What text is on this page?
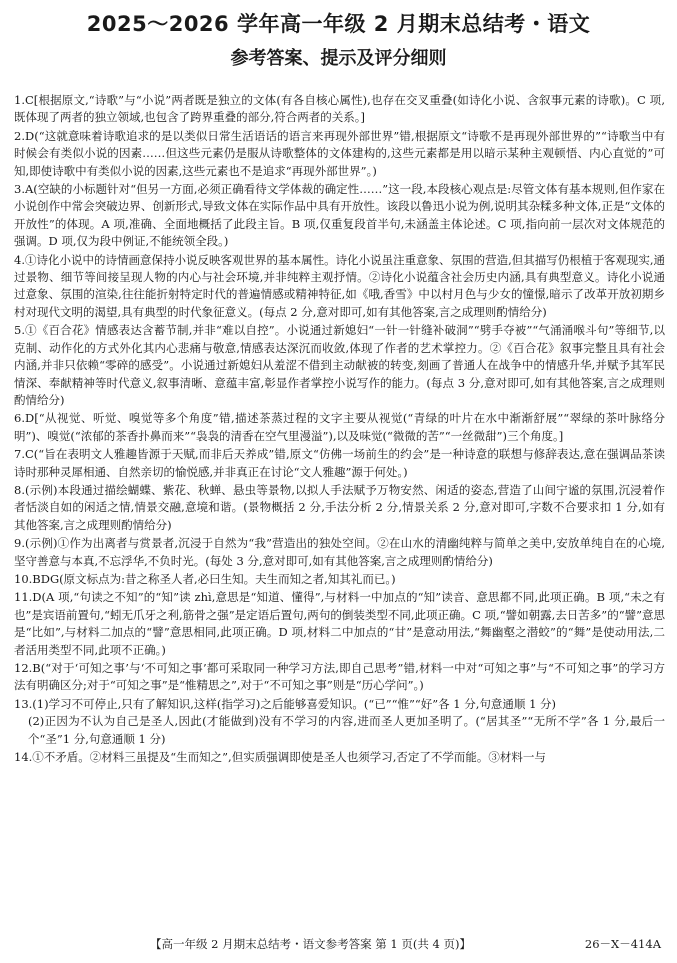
2025～2026 学年高一年级 2 月期末总结考・语文
参考答案、提示及评分细则

1.C[根据原文,“诗歌”与“小说”两者既是独立的文体(有各自核心属性),也存在交叉重叠(如诗化小说、含叙事元素的诗歌)。C 项,既体现了两者的独立领域,也包含了跨界重叠的部分,符合两者的关系。]

2.D(“这就意味着诗歌追求的是以类似日常生活语话的语言来再现外部世界”错,根据原文“诗歌不是再现外部世界的”“诗歌当中有时候会有类似小说的因素……但这些元素仍是服从诗歌整体的文体建构的,这些元素都是用以暗示某种主观顿悟、内心直觉的”可知,即使诗歌中有类似小说的因素,这些元素也不是追求“再现外部世界”。)

3.A(空缺的小标题针对“但另一方面,必须正确看待文学体裁的确定性……”这一段,本段核心观点是:尽管文体有基本规则,但作家在小说创作中常会突破边界、创新形式,导致文体在实际作品中具有开放性。该段以鲁迅小说为例,说明其杂糅多种文体,正是“文体的开放性”的体现。A 项,准确、全面地概括了此段主旨。B 项,仅重复段首半句,未涵盖主体论述。C 项,指向前一层次对文体规范的强调。D 项,仅为段中例证,不能统领全段。)

4.①诗化小说中的诗情画意保持小说反映客观世界的基本属性。诗化小说虽注重意象、氛围的营造,但其描写仍根植于客观现实,通过景物、细节等间接呈现人物的内心与社会环境,并非纯粹主观抒情。②诗化小说蕴含社会历史内涵,具有典型意义。诗化小说通过意象、氛围的渲染,往往能折射特定时代的普遍情感或精神特征,如《哦,香雪》中以村月色与少女的憧憬,暗示了改革开放初期乡村对现代文明的渴望,具有典型的时代象征意义。(每点 2 分,意对即可,如有其他答案,言之成理则酌情给分)

5.①《百合花》情感表达含蓄节制,并非“难以自控”。小说通过新媳妇“一针一针缝补破洞”“劈手夺被”“气涌涌喉斗句”等细节,以克制、动作化的方式外化其内心悲痛与敬意,情感表达深沉而收敛,体现了作者的艺术掌控力。②《百合花》叙事完整且具有社会内涵,并非只依赖“零碎的感受”。小说通过新媳妇从羞涩不借到主动献被的转变,刻画了普通人在战争中的情感升华,并赋予其军民情深、奉献精神等时代意义,叙事清晰、意蕴丰富,彰显作者掌控小说写作的能力。(每点 3 分,意对即可,如有其他答案,言之成理则酌情给分)

6.D[“从视觉、听觉、嗅觉等多个角度”错,描述茶蒸过程的文字主要从视觉(“青绿的叶片在水中渐渐舒展”“翠绿的茶叶脉络分明”)、嗅觉(“浓郁的茶香扑鼻而来”“袅袅的清香在空气里漫溢”),以及味觉(“微微的苦”“一丝微甜”)三个角度。]

7.C(“旨在表明文人雅趣皆源于天赋,而非后天养成”错,原文“仿佛一场前生的约会”是一种诗意的联想与修辞表达,意在强调品茶读诗时那种灵犀相通、自然亲切的愉悦感,并非真正在讨论“文人雅趣”源于何处。)

8.(示例)本段通过描绘蝴蝶、紫花、秋蝉、悬虫等景物,以拟人手法赋予万物安然、闲适的姿态,营造了山间宁谧的氛围,沉浸着作者恬淡自如的闲适之情,情景交融,意境和谐。(景物概括 2 分,手法分析 2 分,情景关系 2 分,意对即可,字数不合要求扣 1 分,如有其他答案,言之成理则酌情给分)

9.(示例)①作为出离者与赏景者,沉浸于自然为“我”营造出的独处空间。②在山水的清幽纯粹与简单之美中,安放单纯自在的心境,坚守善意与本真,不忘浮华,不负时光。(每处 3 分,意对即可,如有其他答案,言之成理则酌情给分)

10.BDG(原文标点为:昔之称圣人者,必曰生知。夫生而知之者,知其礼而已。)

11.D(A 项,“句读之不知”的“知”读 zhì,意思是“知道、懂得”,与材料一中加点的“知”读音、意思都不同,此项正确。B 项,“未之有也”是宾语前置句,“蚓无爪牙之利,筋骨之强”是定语后置句,两句的倒装类型不同,此项正确。C 项,“譬如朝露,去日苦多”的“譬”意思是“比如”,与材料二加点的“譬”意思相同,此项正确。D 项,材料二中加点的“甘”是意动用法,“舞幽壑之潜蛟”的“舞”是使动用法,二者活用类型不同,此项不正确。)

12.B(“对于‘可知之事’与‘不可知之事’都可采取同一种学习方法,即自己思考”错,材料一中对“可知之事”与“不可知之事”的学习方法有明确区分;对于“可知之事”是“惟精思之”,对于“不可知之事”则是“历心学问”。)

13.(1)学习不可停止,只有了解知识,这样(指学习)之后能够喜爱知识。(“已”“惟”“好”各 1 分,句意通顺 1 分)

(2)正因为不认为自己是圣人,因此(才能做到)没有不学习的内容,进而圣人更加圣明了。(“居其圣”“无所不学”各 1 分,最后一个“圣”1 分,句意通顺 1 分)

14.①不矛盾。②材料三虽提及“生而知之”,但实质强调即使是圣人也须学习,否定了不学而能。③材料一与

【高一年级 2 月期末总结考・语文参考答案 第 1 页(共 4 页)】	26－X－414A
